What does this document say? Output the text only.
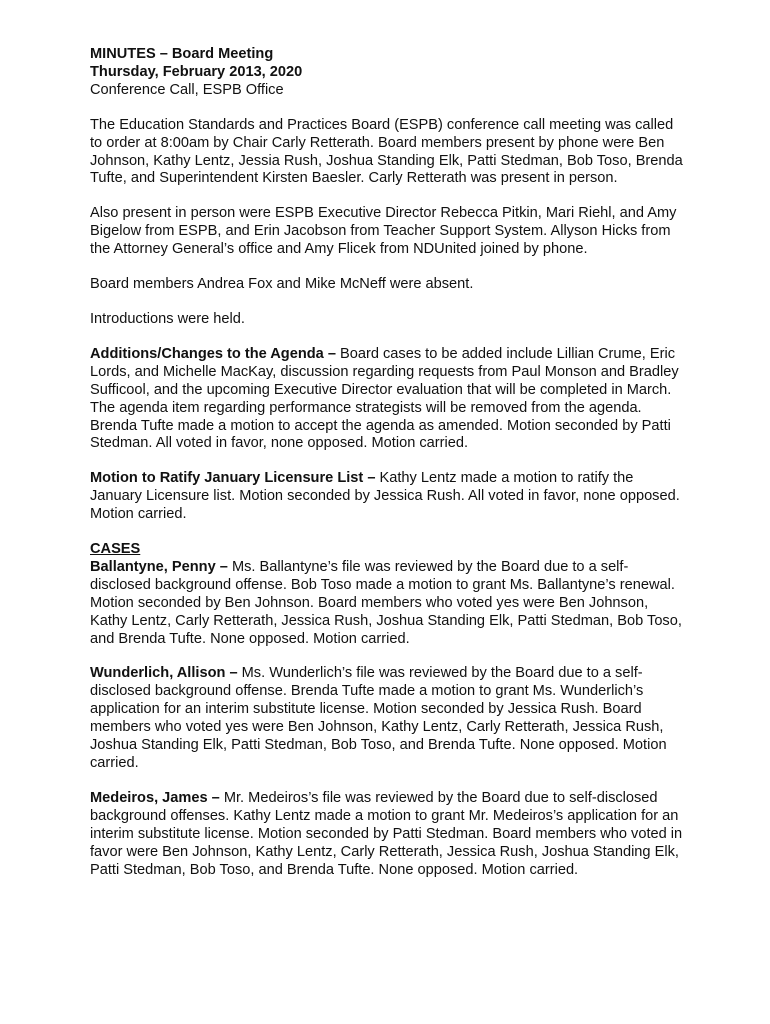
MINUTES – Board Meeting

Thursday, February 2013, 2020

Conference Call, ESPB Office

The Education Standards and Practices Board (ESPB) conference call meeting was called to order at 8:00am by Chair Carly Retterath. Board members present by phone were Ben Johnson, Kathy Lentz, Jessia Rush, Joshua Standing Elk, Patti Stedman, Bob Toso, Brenda Tufte, and Superintendent Kirsten Baesler. Carly Retterath was present in person.

Also present in person were ESPB Executive Director Rebecca Pitkin, Mari Riehl, and Amy Bigelow from ESPB, and Erin Jacobson from Teacher Support System. Allyson Hicks from the Attorney General’s office and Amy Flicek from NDUnited joined by phone.

Board members Andrea Fox and Mike McNeff were absent.

Introductions were held.

Additions/Changes to the Agenda – Board cases to be added include Lillian Crume, Eric Lords, and Michelle MacKay, discussion regarding requests from Paul Monson and Bradley Sufficool, and the upcoming Executive Director evaluation that will be completed in March. The agenda item regarding performance strategists will be removed from the agenda. Brenda Tufte made a motion to accept the agenda as amended. Motion seconded by Patti Stedman. All voted in favor, none opposed. Motion carried.

Motion to Ratify January Licensure List – Kathy Lentz made a motion to ratify the January Licensure list. Motion seconded by Jessica Rush. All voted in favor, none opposed. Motion carried.

CASES

Ballantyne, Penny – Ms. Ballantyne’s file was reviewed by the Board due to a self-disclosed background offense. Bob Toso made a motion to grant Ms. Ballantyne’s renewal. Motion seconded by Ben Johnson. Board members who voted yes were Ben Johnson, Kathy Lentz, Carly Retterath, Jessica Rush, Joshua Standing Elk, Patti Stedman, Bob Toso, and Brenda Tufte. None opposed. Motion carried.

Wunderlich, Allison – Ms. Wunderlich’s file was reviewed by the Board due to a self-disclosed background offense. Brenda Tufte made a motion to grant Ms. Wunderlich’s application for an interim substitute license. Motion seconded by Jessica Rush. Board members who voted yes were Ben Johnson, Kathy Lentz, Carly Retterath, Jessica Rush, Joshua Standing Elk, Patti Stedman, Bob Toso, and Brenda Tufte. None opposed. Motion carried.

Medeiros, James – Mr. Medeiros’s file was reviewed by the Board due to self-disclosed background offenses. Kathy Lentz made a motion to grant Mr. Medeiros’s application for an interim substitute license. Motion seconded by Patti Stedman. Board members who voted in favor were Ben Johnson, Kathy Lentz, Carly Retterath, Jessica Rush, Joshua Standing Elk, Patti Stedman, Bob Toso, and Brenda Tufte. None opposed. Motion carried.
